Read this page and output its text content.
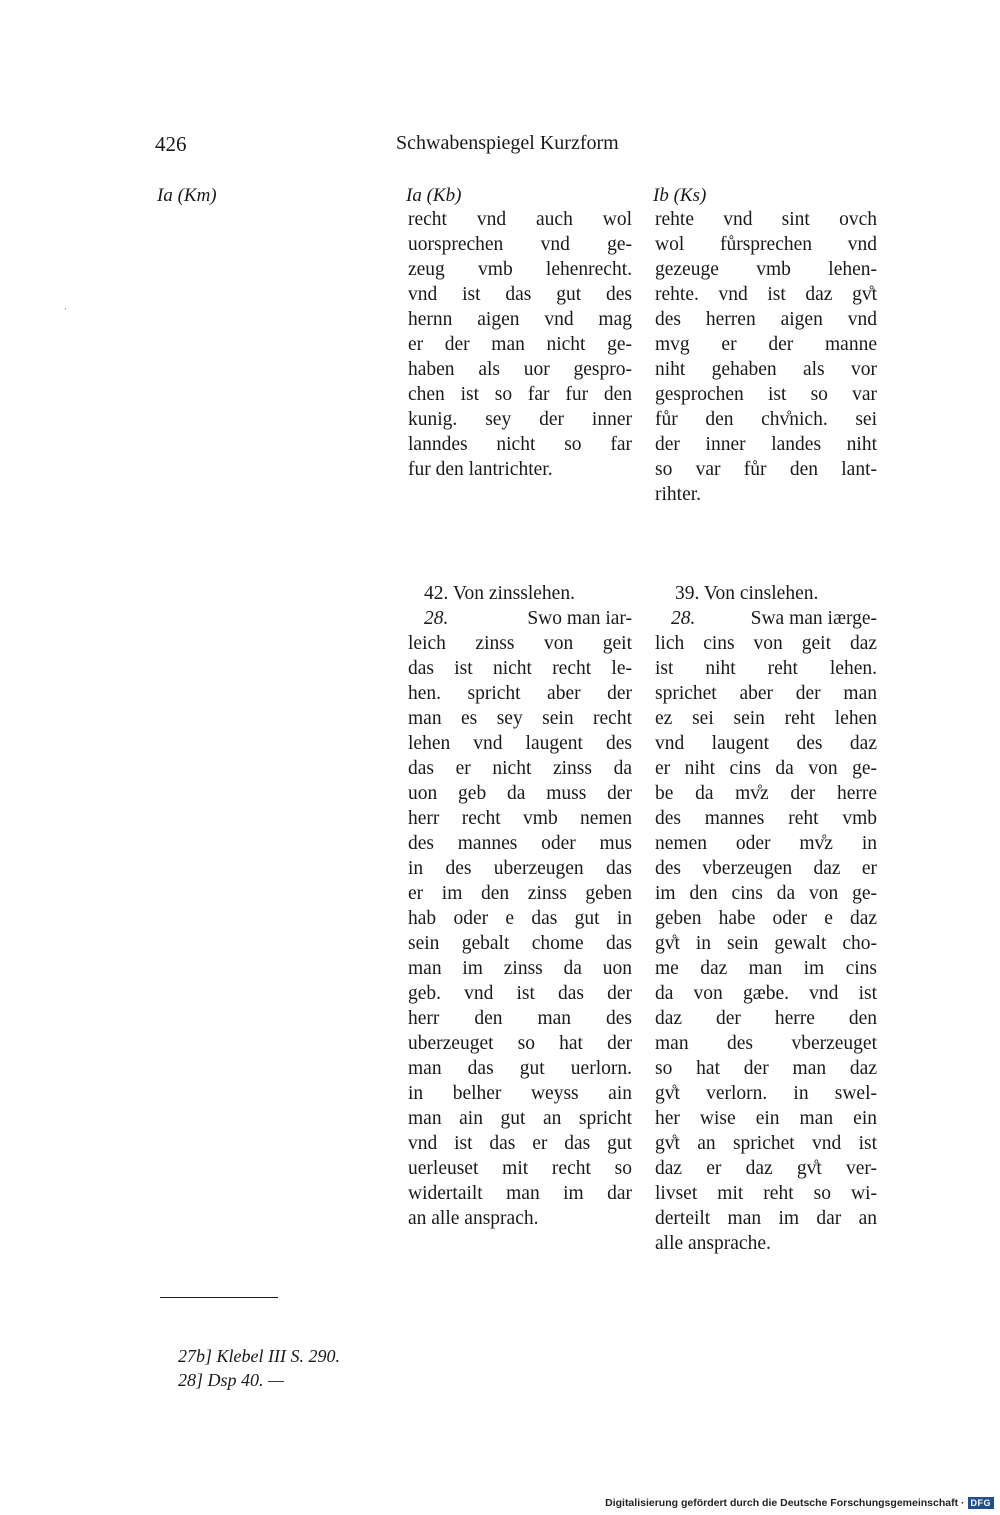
426	Schwabenspiegel Kurzform
Ia (Km)	Ia (Kb)	Ib (Ks)
·
recht vnd auch wol
uorsprechen vnd ge-
zeug vmb lehenrecht.
vnd ist das gut des
hernn aigen vnd mag
er der man nicht ge-
haben als uor gespro-
chen ist so far fur den
kunig. sey der inner
lanndes nicht so far
fur den lantrichter.
rehte vnd sint ovch
wol fůrsprechen vnd
gezeuge vmb lehen-
rehte. vnd ist daz gv̊t
des herren aigen vnd
mvg er der manne
niht gehaben als vor
gesprochen ist so var
fůr den chv̊nich. sei
der inner landes niht
so var fůr den lant-
rihter.
42. Von zinsslehen.
28.	Swo man iar-
leich zinss von geit
das ist nicht recht le-
hen. spricht aber der
man es sey sein recht
lehen vnd laugent des
das er nicht zinss da
uon geb da muss der
herr recht vmb nemen
des mannes oder mus
in des uberzeugen das
er im den zinss geben
hab oder e das gut in
sein gebalt chome das
man im zinss da uon
geb. vnd ist das der
herr den man des
uberzeuget so hat der
man das gut uerlorn.
in belher weyss ain
man ain gut an spricht
vnd ist das er das gut
uerleuset mit recht so
widertailt man im dar
an alle ansprach.
39. Von cinslehen.
28.	Swa man iærge-
lich cins von geit daz
ist niht reht lehen.
sprichet aber der man
ez sei sein reht lehen
vnd laugent des daz
er niht cins da von ge-
be da mv̊z der herre
des mannes reht vmb
nemen oder mv̊z in
des vberzeugen daz er
im den cins da von ge-
geben habe oder e daz
gv̊t in sein gewalt cho-
me daz man im cins
da von gæbe. vnd ist
daz der herre den
man des vberzeuget
so hat der man daz
gv̊t verlorn. in swel-
her wise ein man ein
gv̊t an sprichet vnd ist
daz er daz gv̊t ver-
livset mit reht so wi-
derteilt man im dar an
alle ansprache.
27b] Klebel III S. 290.
28] Dsp 40. —
Digitalisierung gefördert durch die Deutsche Forschungsgemeinschaft · DFG
